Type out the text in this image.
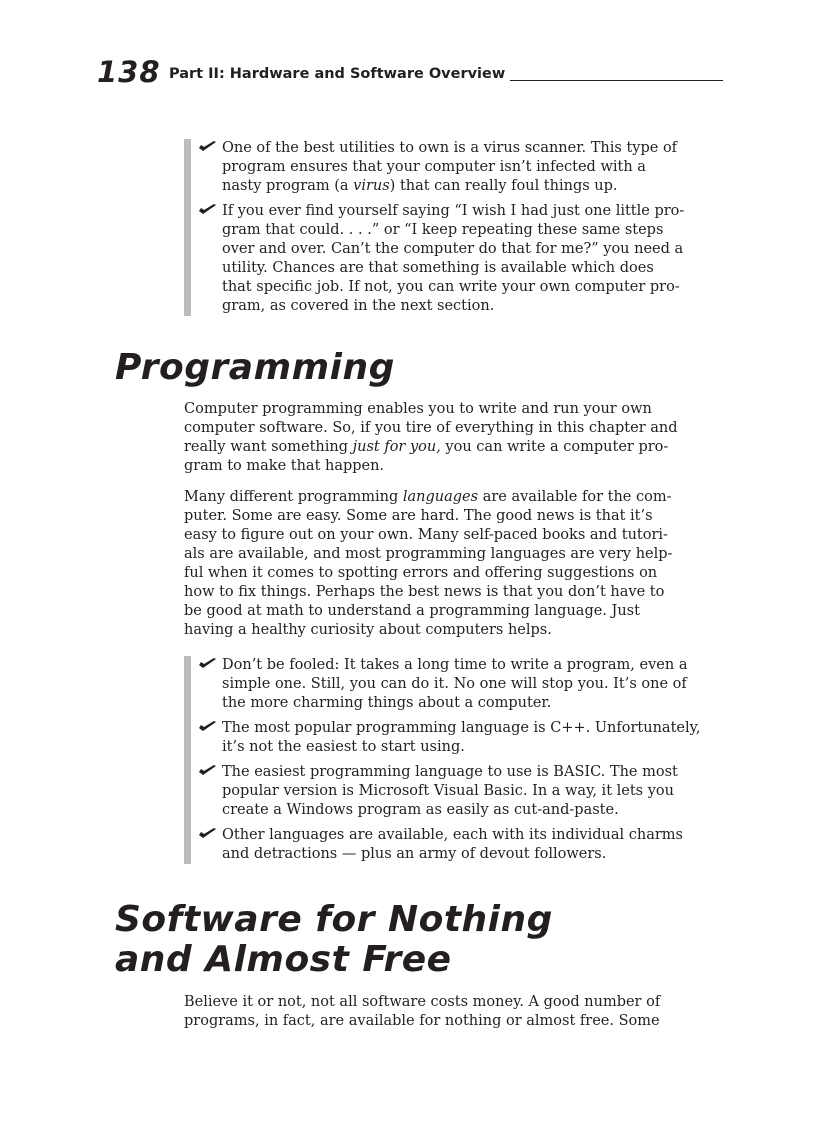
138 Part II: Hardware and Software Overview
One of the best utilities to own is a virus scanner. This type of
program ensures that your computer isn’t infected with a
nasty program (a virus) that can really foul things up.
If you ever find yourself saying “I wish I had just one little pro-
gram that could. . . .” or “I keep repeating these same steps
over and over. Can’t the computer do that for me?” you need a
utility. Chances are that something is available which does
that specific job. If not, you can write your own computer pro-
gram, as covered in the next section.
Programming

Computer programming enables you to write and run your own

computer software. So, if you tire of everything in this chapter and

really want something just for you, you can write a computer pro-

gram to make that happen.

Many different programming languages are available for the com-

puter. Some are easy. Some are hard. The good news is that it’s

easy to figure out on your own. Many self-paced books and tutori-

als are available, and most programming languages are very help-

ful when it comes to spotting errors and offering suggestions on

how to fix things. Perhaps the best news is that you don’t have to

be good at math to understand a programming language. Just

having a healthy curiosity about computers helps.

Don’t be fooled: It takes a long time to write a program, even a
simple one. Still, you can do it. No one will stop you. It’s one of
the more charming things about a computer.
The most popular programming language is C++. Unfortunately,
it’s not the easiest to start using.
The easiest programming language to use is BASIC. The most
popular version is Microsoft Visual Basic. In a way, it lets you
create a Windows program as easily as cut-and-paste.
Other languages are available, each with its individual charms
and detractions — plus an army of devout followers.
Software for Nothing
and Almost Free

Believe it or not, not all software costs money. A good number of

programs, in fact, are available for nothing or almost free. Some
